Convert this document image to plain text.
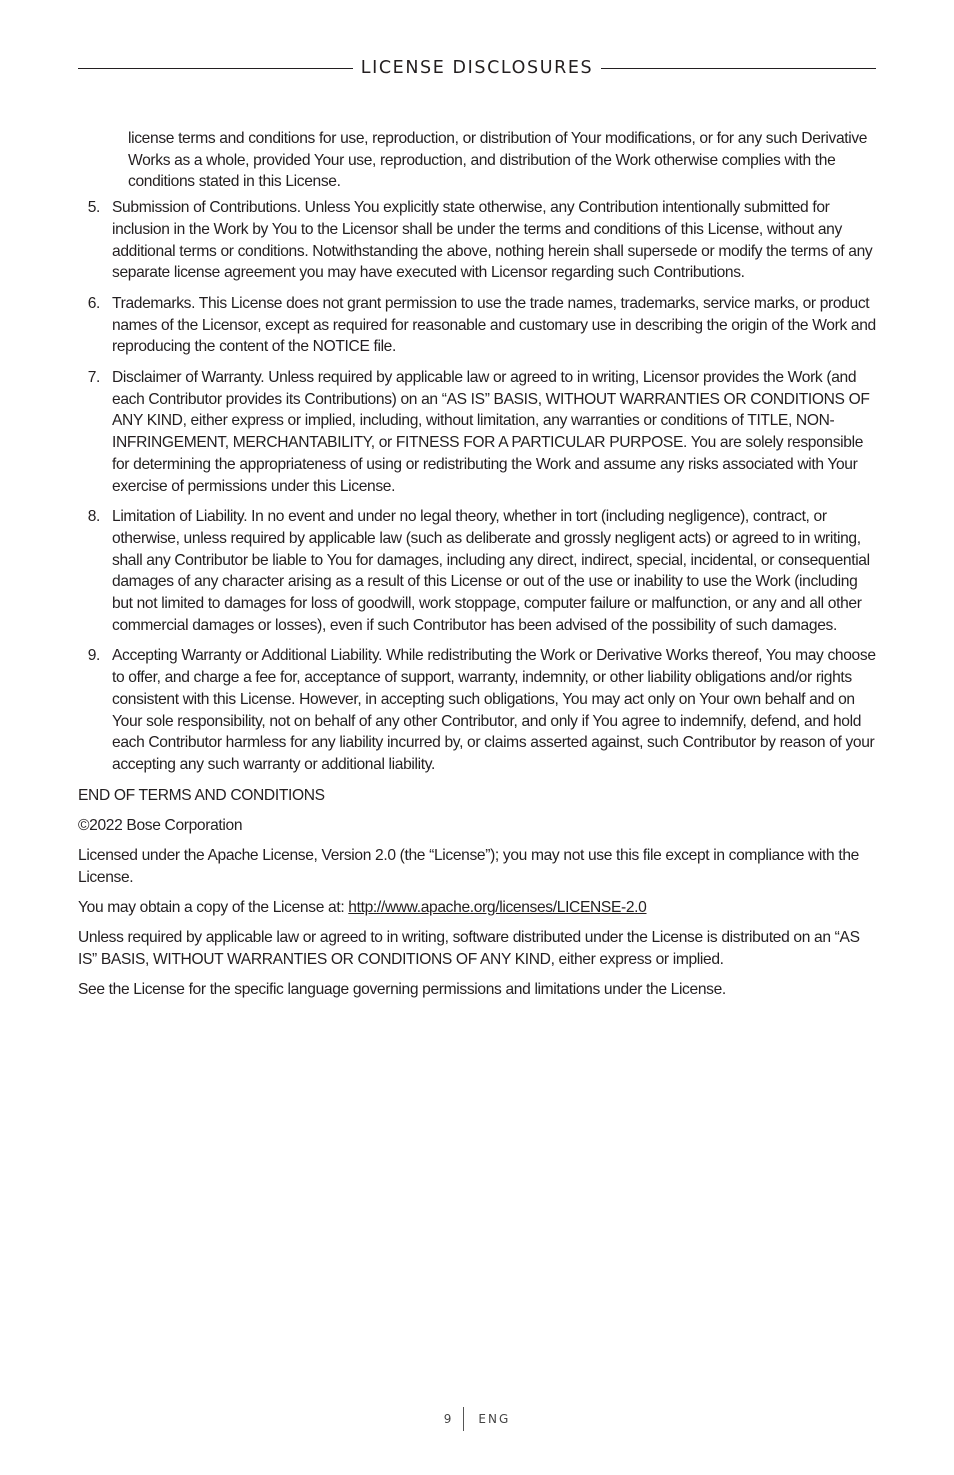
LICENSE DISCLOSURES

license terms and conditions for use, reproduction, or distribution of Your modifications, or for any such Derivative Works as a whole, provided Your use, reproduction, and distribution of the Work otherwise complies with the conditions stated in this License.

5. Submission of Contributions. Unless You explicitly state otherwise, any Contribution intentionally submitted for inclusion in the Work by You to the Licensor shall be under the terms and conditions of this License, without any additional terms or conditions. Notwithstanding the above, nothing herein shall supersede or modify the terms of any separate license agreement you may have executed with Licensor regarding such Contributions.
6. Trademarks. This License does not grant permission to use the trade names, trademarks, service marks, or product names of the Licensor, except as required for reasonable and customary use in describing the origin of the Work and reproducing the content of the NOTICE file.
7. Disclaimer of Warranty. Unless required by applicable law or agreed to in writing, Licensor provides the Work (and each Contributor provides its Contributions) on an “AS IS” BASIS, WITHOUT WARRANTIES OR CONDITIONS OF ANY KIND, either express or implied, including, without limitation, any warranties or conditions of TITLE, NON-INFRINGEMENT, MERCHANTABILITY, or FITNESS FOR A PARTICULAR PURPOSE. You are solely responsible for determining the appropriateness of using or redistributing the Work and assume any risks associated with Your exercise of permissions under this License.
8. Limitation of Liability. In no event and under no legal theory, whether in tort (including negligence), contract, or otherwise, unless required by applicable law (such as deliberate and grossly negligent acts) or agreed to in writing, shall any Contributor be liable to You for damages, including any direct, indirect, special, incidental, or consequential damages of any character arising as a result of this License or out of the use or inability to use the Work (including but not limited to damages for loss of goodwill, work stoppage, computer failure or malfunction, or any and all other commercial damages or losses), even if such Contributor has been advised of the possibility of such damages.
9. Accepting Warranty or Additional Liability. While redistributing the Work or Derivative Works thereof, You may choose to offer, and charge a fee for, acceptance of support, warranty, indemnity, or other liability obligations and/or rights consistent with this License. However, in accepting such obligations, You may act only on Your own behalf and on Your sole responsibility, not on behalf of any other Contributor, and only if You agree to indemnify, defend, and hold each Contributor harmless for any liability incurred by, or claims asserted against, such Contributor by reason of your accepting any such warranty or additional liability.

END OF TERMS AND CONDITIONS

©2022 Bose Corporation

Licensed under the Apache License, Version 2.0 (the “License”); you may not use this file except in compliance with the License.

You may obtain a copy of the License at: http://www.apache.org/licenses/LICENSE-2.0

Unless required by applicable law or agreed to in writing, software distributed under the License is distributed on an “AS IS” BASIS, WITHOUT WARRANTIES OR CONDITIONS OF ANY KIND, either express or implied.

See the License for the specific language governing permissions and limitations under the License.

9 ENG
